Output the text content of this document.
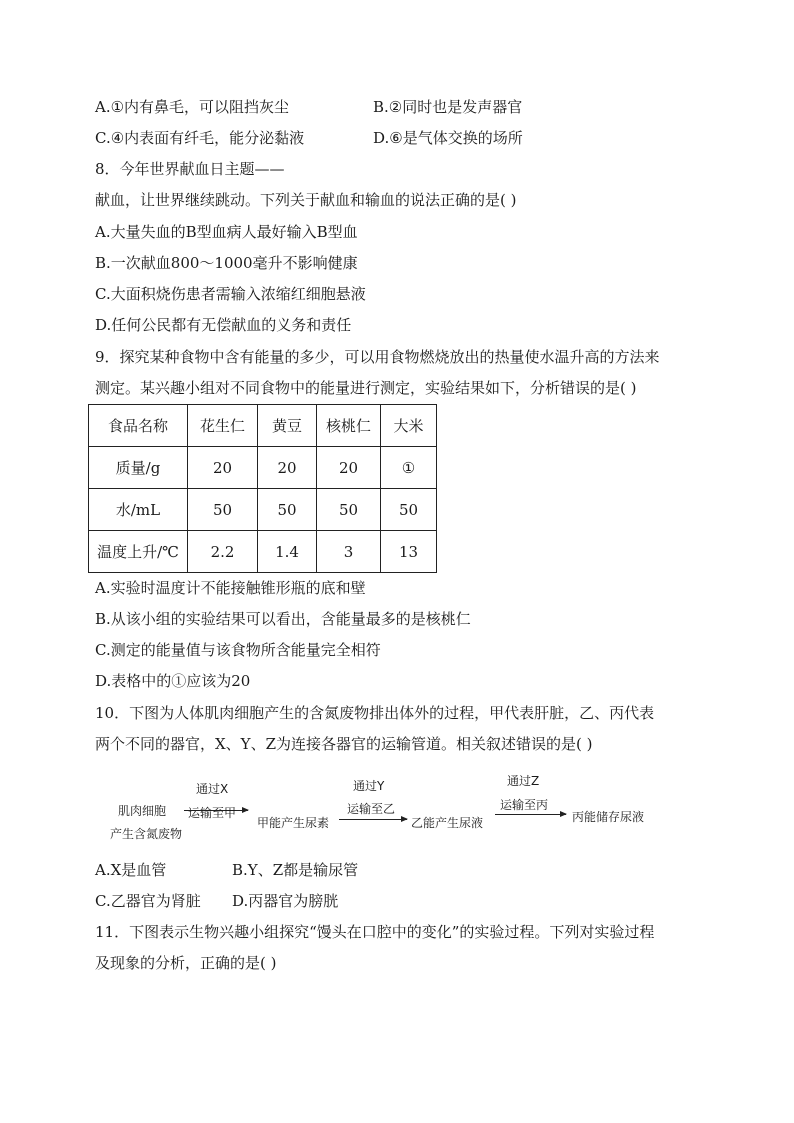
A.①内有鼻毛，可以阻挡灰尘	B.②同时也是发声器官
C.④内表面有纤毛，能分泌黏液	D.⑥是气体交换的场所
8．今年世界献血日主题——
献血，让世界继续跳动。下列关于献血和输血的说法正确的是( )
A.大量失血的B型血病人最好输入B型血
B.一次献血800～1000毫升不影响健康
C.大面积烧伤患者需输入浓缩红细胞悬液
D.任何公民都有无偿献血的义务和责任
9．探究某种食物中含有能量的多少，可以用食物燃烧放出的热量使水温升高的方法来
测定。某兴趣小组对不同食物中的能量进行测定，实验结果如下，分析错误的是( )
食品名称	花生仁	黄豆	核桃仁	大米
质量/g	20	20	20	①
水/mL	50	50	50	50
温度上升/℃	2.2	1.4	3	13
A.实验时温度计不能接触锥形瓶的底和壁
B.从该小组的实验结果可以看出，含能量最多的是核桃仁
C.测定的能量值与该食物所含能量完全相符
D.表格中的①应该为20
10．下图为人体肌肉细胞产生的含氮废物排出体外的过程，甲代表肝脏，乙、丙代表
两个不同的器官，X、Y、Z为连接各器官的运输管道。相关叙述错误的是( )
肌肉细胞
产生含氮废物
通过X
运输至甲
甲能产生尿素
通过Y
运输至乙
乙能产生尿液
通过Z
运输至丙
丙能储存尿液
A.X是血管	B.Y、Z都是输尿管
C.乙器官为肾脏 D.丙器官为膀胱
11．下图表示生物兴趣小组探究“馒头在口腔中的变化”的实验过程。下列对实验过程
及现象的分析，正确的是( )
